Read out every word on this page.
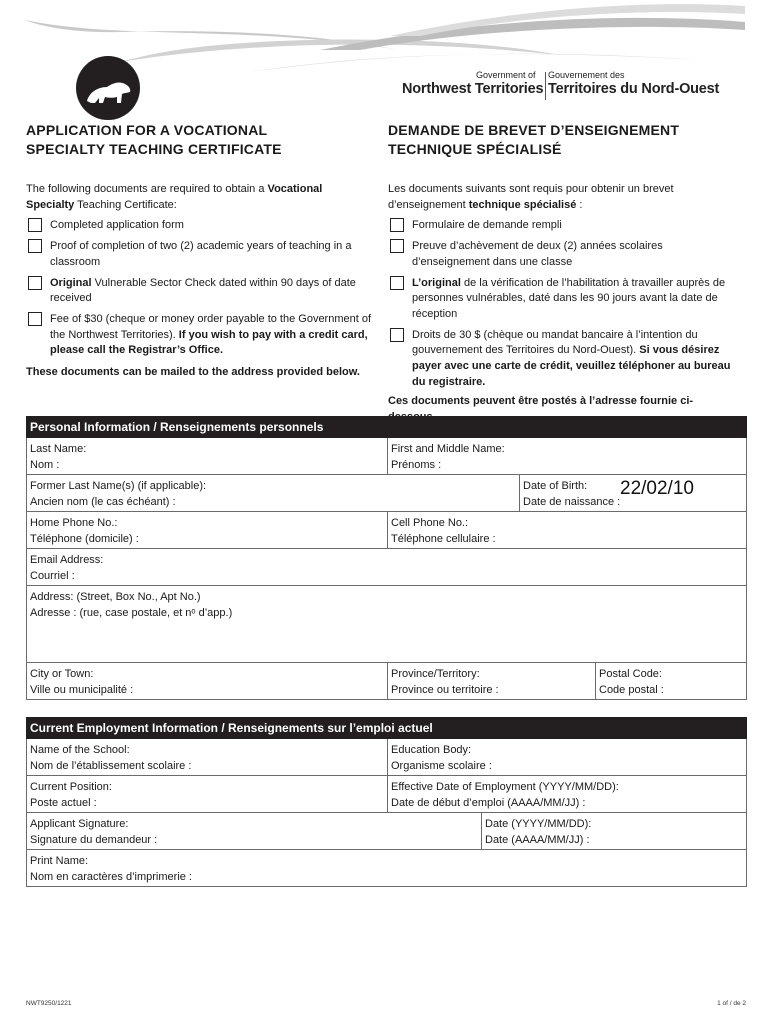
Government of
Northwest Territories
Gouvernement des
Territoires du Nord-Ouest
APPLICATION FOR A VOCATIONAL
SPECIALTY TEACHING CERTIFICATE
DEMANDE DE BREVET D’ENSEIGNEMENT
TECHNIQUE SPÉCIALISÉ

The following documents are required to obtain a Vocational
Specialty Teaching Certificate:

Completed application form
Proof of completion of two (2) academic years of teaching in a classroom
Original Vulnerable Sector Check dated within 90 days of date received
Fee of $30 (cheque or money order payable to the Government of the Northwest Territories). If you wish to pay with a credit card, please call the Registrar’s Office.

These documents can be mailed to the address provided below.

Les documents suivants sont requis pour obtenir un brevet d’enseignement technique spécialisé :

Formulaire de demande rempli
Preuve d’achèvement de deux (2) années scolaires d’enseignement dans une classe
L’original de la vérification de l’habilitation à travailler auprès de personnes vulnérables, daté dans les 90 jours avant la date de réception
Droits de 30 $ (chèque ou mandat bancaire à l’intention du gouvernement des Territoires du Nord-Ouest). Si vous désirez payer avec une carte de crédit, veuillez téléphoner au bureau du registraire.

Ces documents peuvent être postés à l’adresse fournie ci-

Personal Information / Renseignements personnels
Last Name:
Nom :
First and Middle Name:
Prénoms :
Former Last Name(s) (if applicable):
Ancien nom (le cas échéant) :
Date of Birth:
Date de naissance :
22/02/10
Home Phone No.:
Téléphone (domicile) :
Cell Phone No.:
Téléphone cellulaire :
Email Address:
Courriel :
Address: (Street, Box No., Apt No.)
Adresse : (rue, case postale, et nᵒ d’app.)
City or Town:
Ville ou municipalité :
Province/Territory:
Province ou territoire :
Postal Code:
Code postal :
Current Employment Information / Renseignements sur l’emploi actuel
Name of the School:
Nom de l’établissement scolaire :
Education Body:
Organisme scolaire :
Current Position:
Poste actuel :
Effective Date of Employment (YYYY/MM/DD):
Date de début d’emploi (AAAA/MM/JJ) :
Applicant Signature:
Signature du demandeur :
Date (YYYY/MM/DD):
Date (AAAA/MM/JJ) :
Print Name:
Nom en caractères d’imprimerie :
NWT9250/1221	1 of / de 2
